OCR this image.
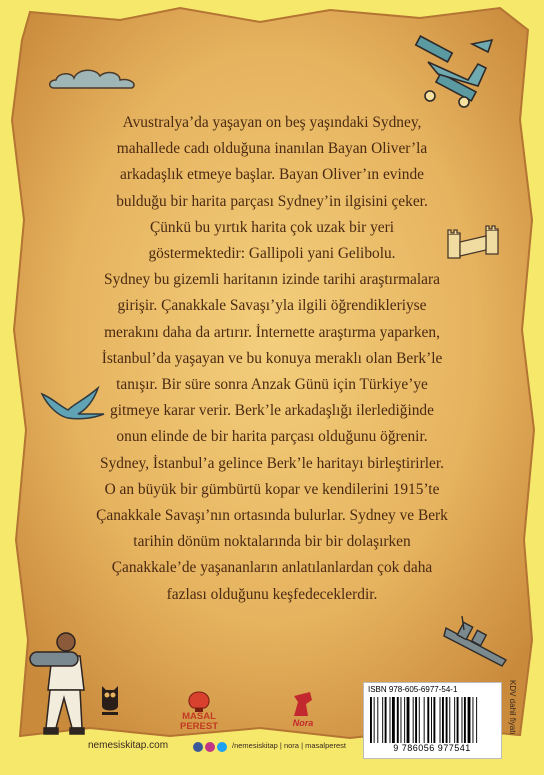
Avustralya’da yaşayan on beş yaşındaki Sydney,

mahallede cadı olduğuna inanılan Bayan Oliver’la

arkadaşlık etmeye başlar. Bayan Oliver’ın evinde

bulduğu bir harita parçası Sydney’in ilgisini çeker.

Çünkü bu yırtık harita çok uzak bir yeri

göstermektedir: Gallipoli yani Gelibolu.

Sydney bu gizemli haritanın izinde tarihi araştırmalara

girişir. Çanakkale Savaşı’yla ilgili öğrendikleriyse

merakını daha da artırır. İnternette araştırma yaparken,

İstanbul’da yaşayan ve bu konuya meraklı olan Berk’le

tanışır. Bir süre sonra Anzak Günü için Türkiye’ye

gitmeye karar verir. Berk’le arkadaşlığı ilerlediğinde

onun elinde de bir harita parçası olduğunu öğrenir.

Sydney, İstanbul’a gelince Berk’le haritayı birleştirirler.

O an büyük bir gümbürtü kopar ve kendilerini 1915’te

Çanakkale Savaşı’nın ortasında bulurlar. Sydney ve Berk

tarihin dönüm noktalarında bir bir dolaşırken

Çanakkale’de yaşananların anlatılanlardan çok daha

fazlası olduğunu keşfedeceklerdir.

MASAL
PEREST	Nora
ISBN 978-605-6977-54-1
9 786056 977541
KDV dahil fiyatı
nemesiskitap.com	/nemesiskitap | nora | masalperest
